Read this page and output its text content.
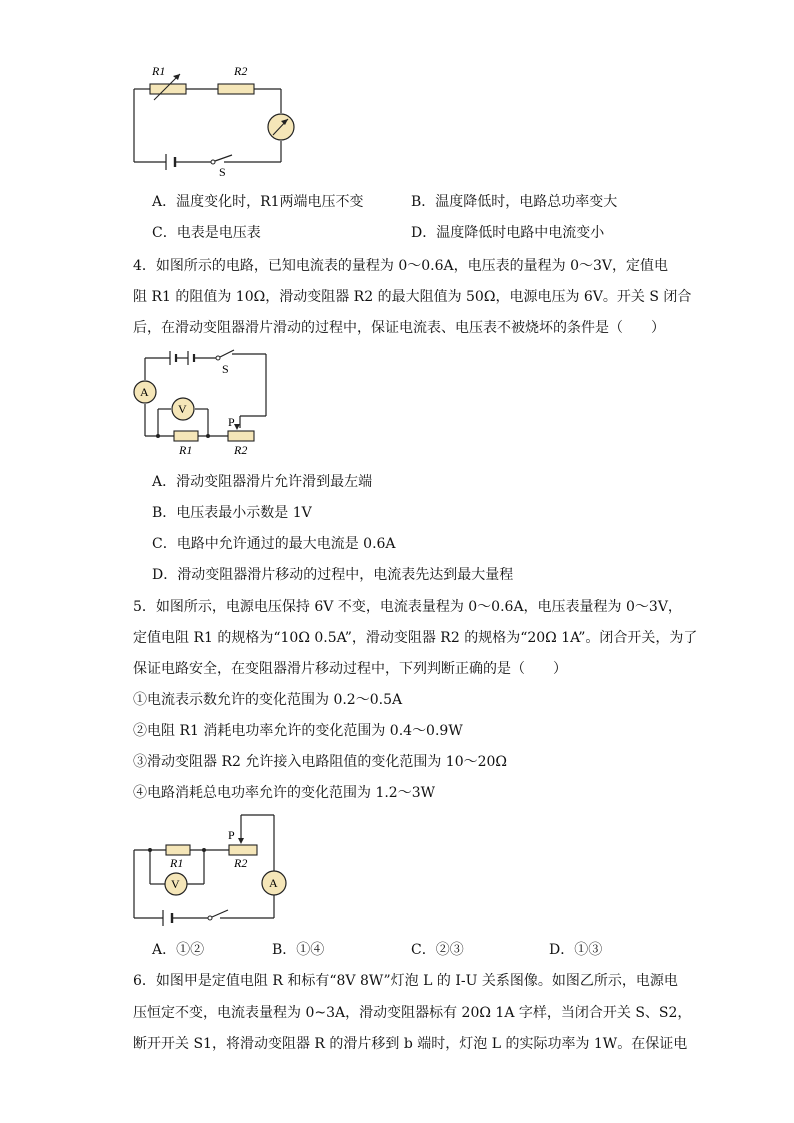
R1	R2
S
A．温度变化时，R1两端电压不变	B．温度降低时，电路总功率变大
C．电表是电压表	D．温度降低时电路中电流变小
4．如图所示的电路，已知电流表的量程为 0～0.6A，电压表的量程为 0～3V，定值电
阻 R1 的阻值为 10Ω，滑动变阻器 R2 的最大阻值为 50Ω，电源电压为 6V。开关 S 闭合
后，在滑动变阻器滑片滑动的过程中，保证电流表、电压表不被烧坏的条件是（　　）
S
A
V
R1
P
R2
A．滑动变阻器滑片允许滑到最左端
B．电压表最小示数是 1V
C．电路中允许通过的最大电流是 0.6A
D．滑动变阻器滑片移动的过程中，电流表先达到最大量程
5．如图所示，电源电压保持 6V 不变，电流表量程为 0～0.6A，电压表量程为 0～3V，
定值电阻 R1 的规格为“10Ω 0.5A”，滑动变阻器 R2 的规格为“20Ω 1A”。闭合开关，为了
保证电路安全，在变阻器滑片移动过程中，下列判断正确的是（　　）
①电流表示数允许的变化范围为 0.2～0.5A
②电阻 R1 消耗电功率允许的变化范围为 0.4～0.9W
③滑动变阻器 R2 允许接入电路阻值的变化范围为 10～20Ω
④电路消耗总电功率允许的变化范围为 1.2～3W
R1
P
R2
V	A
A．①②	B．①④	C．②③	D．①③
6．如图甲是定值电阻 R 和标有“8V 8W”灯泡 L 的 I-U 关系图像。如图乙所示，电源电
压恒定不变，电流表量程为 0~3A，滑动变阻器标有 20Ω 1A 字样，当闭合开关 S、S2，
断开开关 S1，将滑动变阻器 R 的滑片移到 b 端时，灯泡 L 的实际功率为 1W。在保证电
